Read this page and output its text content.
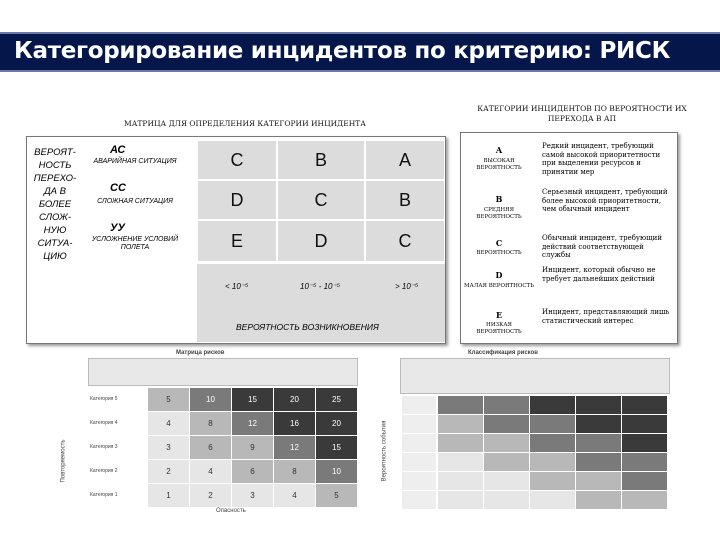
Категорирование инцидентов по критерию: РИСК
МАТРИЦА ДЛЯ ОПРЕДЕЛЕНИЯ КАТЕГОРИИ ИНЦИДЕНТА
ВЕРОЯТ-НОСТЬ ПЕРЕХО-ДА В БОЛЕЕ СЛОЖ-НУЮ СИТУА-ЦИЮ
АС
АВАРИЙНАЯ СИТУАЦИЯ
СС
СЛОЖНАЯ СИТУАЦИЯ
УУ
УСЛОЖНЕНИЕ УСЛОВИЙ ПОЛЕТА
C	B	A
D	C	B
E	D	C
< 10⁻⁵	10⁻⁵ - 10⁻⁵	> 10⁻⁵
ВЕРОЯТНОСТЬ ВОЗНИКНОВЕНИЯ
КАТЕГОРИИ ИНЦИДЕНТОВ ПО ВЕРОЯТНОСТИ ИХ ПЕРЕХОДА В АП
A
ВЫСОКАЯ ВЕРОЯТНОСТЬ
Редкий инцидент, требующий самой высокой приоритетности при выделении ресурсов и принятии мер
B
СРЕДНЯЯ ВЕРОЯТНОСТЬ
Серьезный инцидент, требующий более высокой приоритетности, чем обычный инцидент
C
ВЕРОЯТНОСТЬ
Обычный инцидент, требующий действий соответствующей службы
D
МАЛАЯ ВЕРОЯТНОСТЬ
Инцидент, который обычно не требует дальнейших действий
E
НИЗКАЯ ВЕРОЯТНОСТЬ
Инцидент, представляющий лишь статистический интерес
Матрица рисков
Категория 5	5	10	15	20	25
Категория 4	4	8	12	16	20
Категория 3	3	6	9	12	15
Категория 2	2	4	6	8	10
Категория 1	1	2	3	4	5
Опасность
Повторяемость
Классификация рисков
Вероятность события
